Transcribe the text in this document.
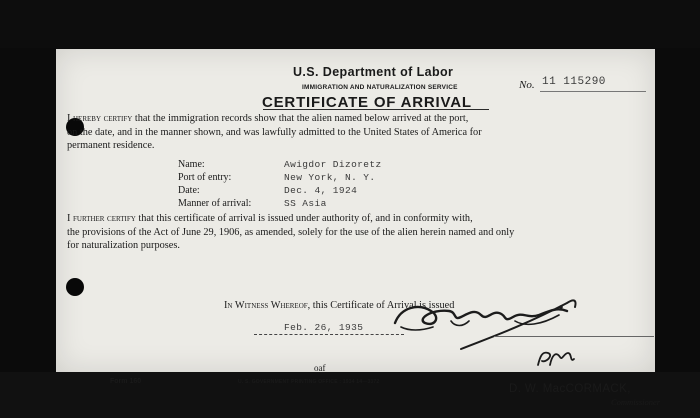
U.S. Department of Labor
IMMIGRATION AND NATURALIZATION SERVICE
CERTIFICATE OF ARRIVAL
No. 11 115290
I hereby certify that the immigration records show that the alien named below arrived at the port,
on the date, and in the manner shown, and was lawfully admitted to the United States of America for
permanent residence.
Name:	Awigdor Dizoretz
Port of entry:	New York, N. Y.
Date:	Dec. 4, 1924
Manner of arrival:	SS Asia
I further certify that this certificate of arrival is issued under authority of, and in conformity with,
the provisions of the Act of June 29, 1906, as amended, solely for the use of the alien herein named and only
for naturalization purposes.
In Witness Whereof, this Certificate of Arrival is issued
Feb. 26, 1935
oaf
Form 160	U. S. GOVERNMENT PRINTING OFFICE : 1934 14—3372
D. W. MacCORMACK,
Commissioner
